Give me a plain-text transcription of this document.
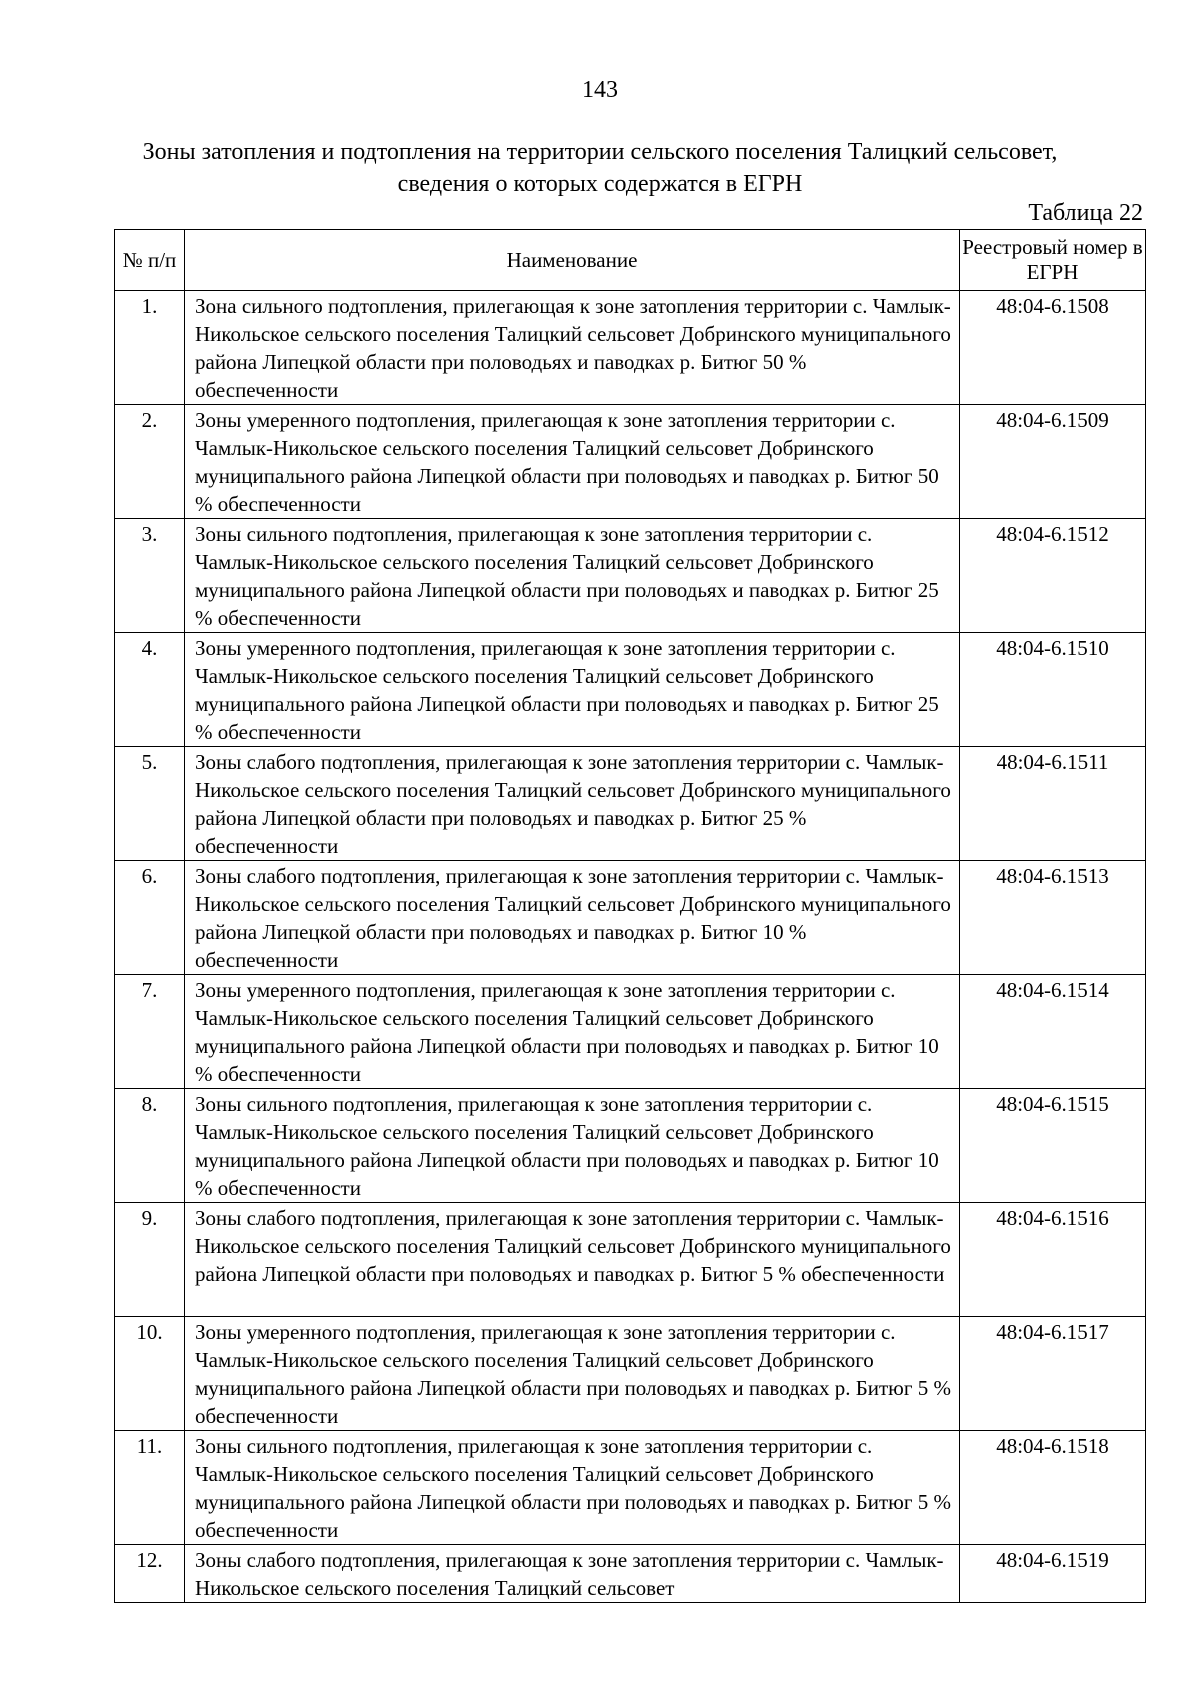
143
Зоны затопления и подтопления на территории сельского поселения Талицкий сельсовет, сведения о которых содержатся в ЕГРН
Таблица 22
№ п/п	Наименование	Реестровый номер в ЕГРН
1.	Зона сильного подтопления, прилегающая к зоне затопления территории с. Чамлык-Никольское сельского поселения Талицкий сельсовет Добринского муниципального района Липецкой области при половодьях и паводках р. Битюг 50 % обеспеченности	48:04-6.1508
2.	Зоны умеренного подтопления, прилегающая к зоне затопления территории с. Чамлык-Никольское сельского поселения Талицкий сельсовет Добринского муниципального района Липецкой области при половодьях и паводках р. Битюг 50 % обеспеченности	48:04-6.1509
3.	Зоны сильного подтопления, прилегающая к зоне затопления территории с. Чамлык-Никольское сельского поселения Талицкий сельсовет Добринского муниципального района Липецкой области при половодьях и паводках р. Битюг 25 % обеспеченности	48:04-6.1512
4.	Зоны умеренного подтопления, прилегающая к зоне затопления территории с. Чамлык-Никольское сельского поселения Талицкий сельсовет Добринского муниципального района Липецкой области при половодьях и паводках р. Битюг 25 % обеспеченности	48:04-6.1510
5.	Зоны слабого подтопления, прилегающая к зоне затопления территории с. Чамлык-Никольское сельского поселения Талицкий сельсовет Добринского муниципального района Липецкой области при половодьях и паводках р. Битюг 25 % обеспеченности	48:04-6.1511
6.	Зоны слабого подтопления, прилегающая к зоне затопления территории с. Чамлык-Никольское сельского поселения Талицкий сельсовет Добринского муниципального района Липецкой области при половодьях и паводках р. Битюг 10 % обеспеченности	48:04-6.1513
7.	Зоны умеренного подтопления, прилегающая к зоне затопления территории с. Чамлык-Никольское сельского поселения Талицкий сельсовет Добринского муниципального района Липецкой области при половодьях и паводках р. Битюг 10 % обеспеченности	48:04-6.1514
8.	Зоны сильного подтопления, прилегающая к зоне затопления территории с. Чамлык-Никольское сельского поселения Талицкий сельсовет Добринского муниципального района Липецкой области при половодьях и паводках р. Битюг 10 % обеспеченности	48:04-6.1515
9.	Зоны слабого подтопления, прилегающая к зоне затопления территории с. Чамлык-Никольское сельского поселения Талицкий сельсовет Добринского муниципального района Липецкой области при половодьях и паводках р. Битюг 5 % обеспеченности	48:04-6.1516
10.	Зоны умеренного подтопления, прилегающая к зоне затопления территории с. Чамлык-Никольское сельского поселения Талицкий сельсовет Добринского муниципального района Липецкой области при половодьях и паводках р. Битюг 5 % обеспеченности	48:04-6.1517
11.	Зоны сильного подтопления, прилегающая к зоне затопления территории с. Чамлык-Никольское сельского поселения Талицкий сельсовет Добринского муниципального района Липецкой области при половодьях и паводках р. Битюг 5 % обеспеченности	48:04-6.1518
12.	Зоны слабого подтопления, прилегающая к зоне затопления территории с. Чамлык- Никольское сельского поселения Талицкий сельсовет	48:04-6.1519
